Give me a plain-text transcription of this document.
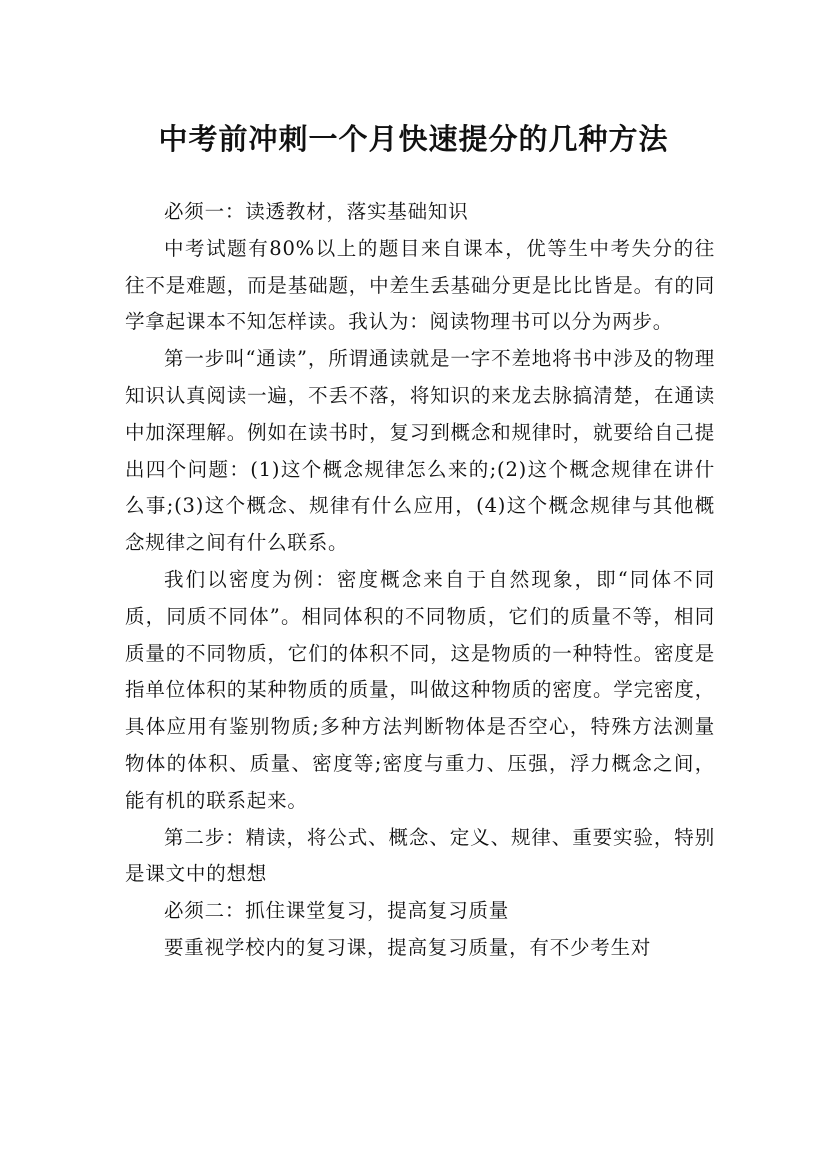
中考前冲刺一个月快速提分的几种方法

必须一：读透教材，落实基础知识

中考试题有80%以上的题目来自课本，优等生中考失分的往往不是难题，而是基础题，中差生丢基础分更是比比皆是。有的同学拿起课本不知怎样读。我认为：阅读物理书可以分为两步。

第一步叫“通读”，所谓通读就是一字不差地将书中涉及的物理知识认真阅读一遍，不丢不落，将知识的来龙去脉搞清楚，在通读中加深理解。例如在读书时，复习到概念和规律时，就要给自己提出四个问题：(1)这个概念规律怎么来的;(2)这个概念规律在讲什么事;(3)这个概念、规律有什么应用，(4)这个概念规律与其他概念规律之间有什么联系。

我们以密度为例：密度概念来自于自然现象，即“同体不同质，同质不同体”。相同体积的不同物质，它们的质量不等，相同质量的不同物质，它们的体积不同，这是物质的一种特性。密度是指单位体积的某种物质的质量，叫做这种物质的密度。学完密度，具体应用有鉴别物质;多种方法判断物体是否空心，特殊方法测量物体的体积、质量、密度等;密度与重力、压强，浮力概念之间，能有机的联系起来。

第二步：精读，将公式、概念、定义、规律、重要实验，特别是课文中的想想

必须二：抓住课堂复习，提高复习质量

要重视学校内的复习课，提高复习质量，有不少考生对
